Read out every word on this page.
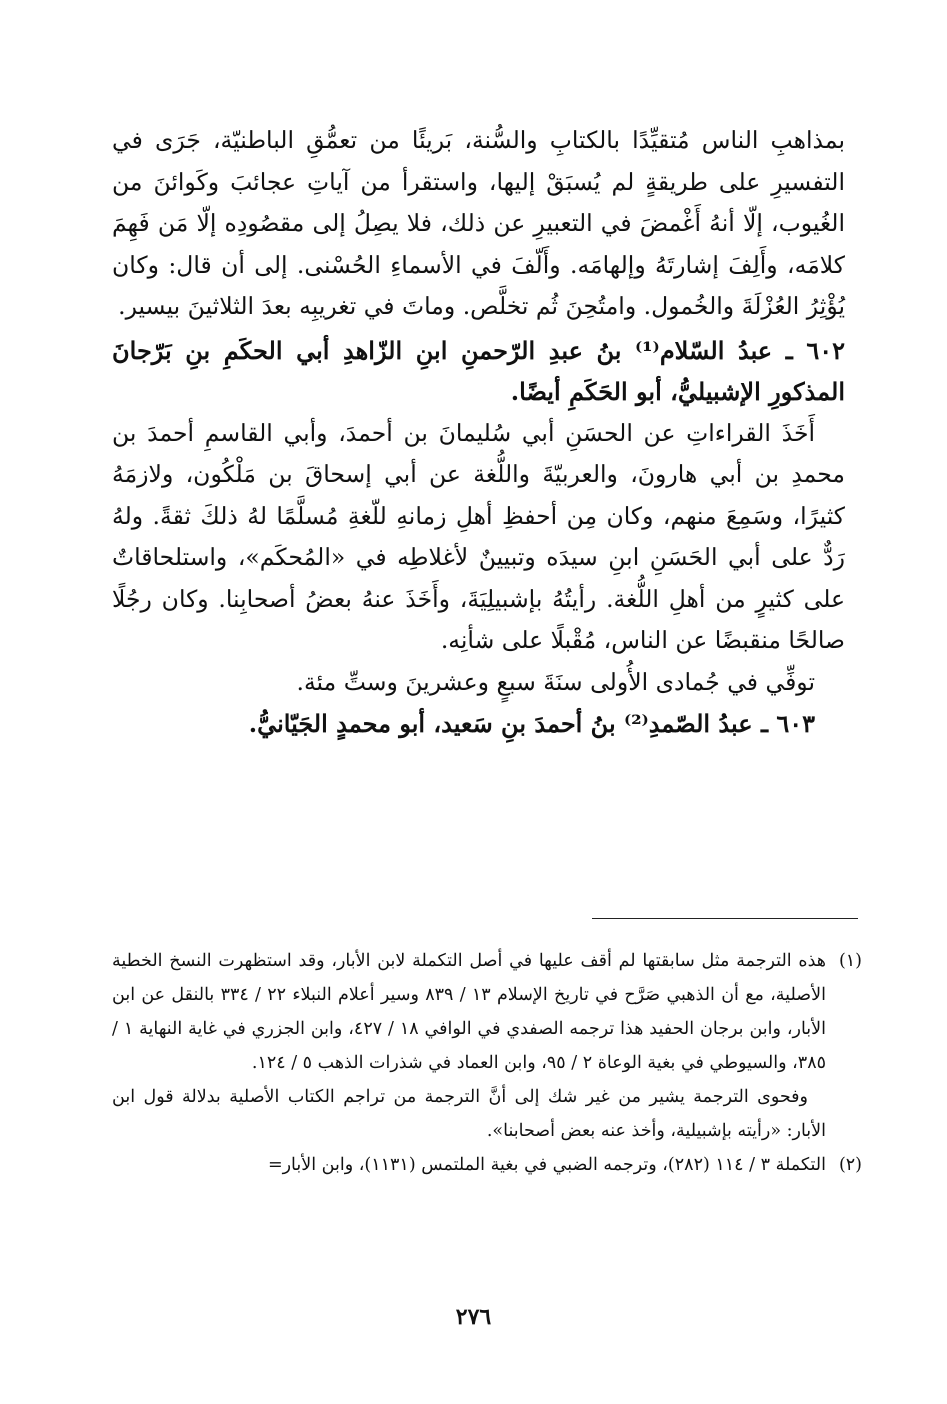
بمذاهبِ الناس مُتقيِّدًا بالكتابِ والسُّنة، بَريئًا من تعمُّقِ الباطنيّة، جَرَى في التفسيرِ على طريقةٍ لم يُسبَقْ إليها، واستقرأ من آياتِ عجائبَ وكَوائنَ من الغُيوب، إلّا أنهُ أَغْمضَ في التعبيرِ عن ذلك، فلا يصِلُ إلى مقصُودِه إلّا مَن فَهِمَ كلامَه، وأَلِفَ إشارتَهُ وإلهامَه. وأَلّفَ في الأسماءِ الحُسْنى. إلى أن قال: وكان يُؤْثِرُ العُزْلَةَ والخُمول. وامتُحِنَ ثُم تخلَّص. وماتَ في تغريبِه بعدَ الثلاثينَ بيسير.

٦٠٢ ـ عبدُ السّلام⁽¹⁾ بنُ عبدِ الرّحمنِ ابنِ الزّاهدِ أبي الحكَمِ بنِ بَرّجانَ المذكورِ الإشبيليُّ، أبو الحَكَمِ أيضًا.

أَخَذَ القراءاتِ عن الحسَنِ أبي سُليمانَ بن أحمدَ، وأبي القاسمِ أحمدَ بن محمدِ بن أبي هارونَ، والعربيّةَ واللُّغة عن أبي إسحاقَ بن مَلْكُون، ولازمَهُ كثيرًا، وسَمِعَ منهم، وكان مِن أحفظِ أهلِ زمانهِ للّغةِ مُسلَّمًا لهُ ذلكَ ثقةً. ولهُ رَدٌّ على أبي الحَسَنِ ابنِ سيدَه وتبيينٌ لأغلاطِه في «المُحكَم»، واستلحاقاتٌ على كثيرٍ من أهلِ اللُّغة. رأيتُهُ بإشبيلِيَةَ، وأَخَذَ عنهُ بعضُ أصحابِنا. وكان رجُلًا صالحًا منقبضًا عن الناس، مُقْبلًا على شأنِه.

توفِّي في جُمادى الأُولى سنَةَ سبعٍ وعشرينَ وستِّ مئة.

٦٠٣ ـ عبدُ الصّمدِ⁽²⁾ بنُ أحمدَ بنِ سَعيد، أبو محمدٍ الجَيّانيُّ.

(١)
هذه الترجمة مثل سابقتها لم أقف عليها في أصل التكملة لابن الأبار، وقد استظهرت النسخ الخطية الأصلية، مع أن الذهبي صَرَّح في تاريخ الإسلام ١٣ / ٨٣٩ وسير أعلام النبلاء ٢٢ / ٣٣٤ بالنقل عن ابن الأبار، وابن برجان الحفيد هذا ترجمه الصفدي في الوافي ١٨ / ٤٢٧، وابن الجزري في غاية النهاية ١ / ٣٨٥، والسيوطي في بغية الوعاة ٢ / ٩٥، وابن العماد في شذرات الذهب ٥ / ١٢٤.

وفحوى الترجمة يشير من غير شك إلى أنَّ الترجمة من تراجم الكتاب الأصلية بدلالة قول ابن الأبار: «رأيته بإشبيلية، وأخذ عنه بعض أصحابنا».

(٢)
التكملة ٣ / ١١٤ (٢٨٢)، وترجمه الضبي في بغية الملتمس (١١٣١)، وابن الأبار=
٢٧٦
